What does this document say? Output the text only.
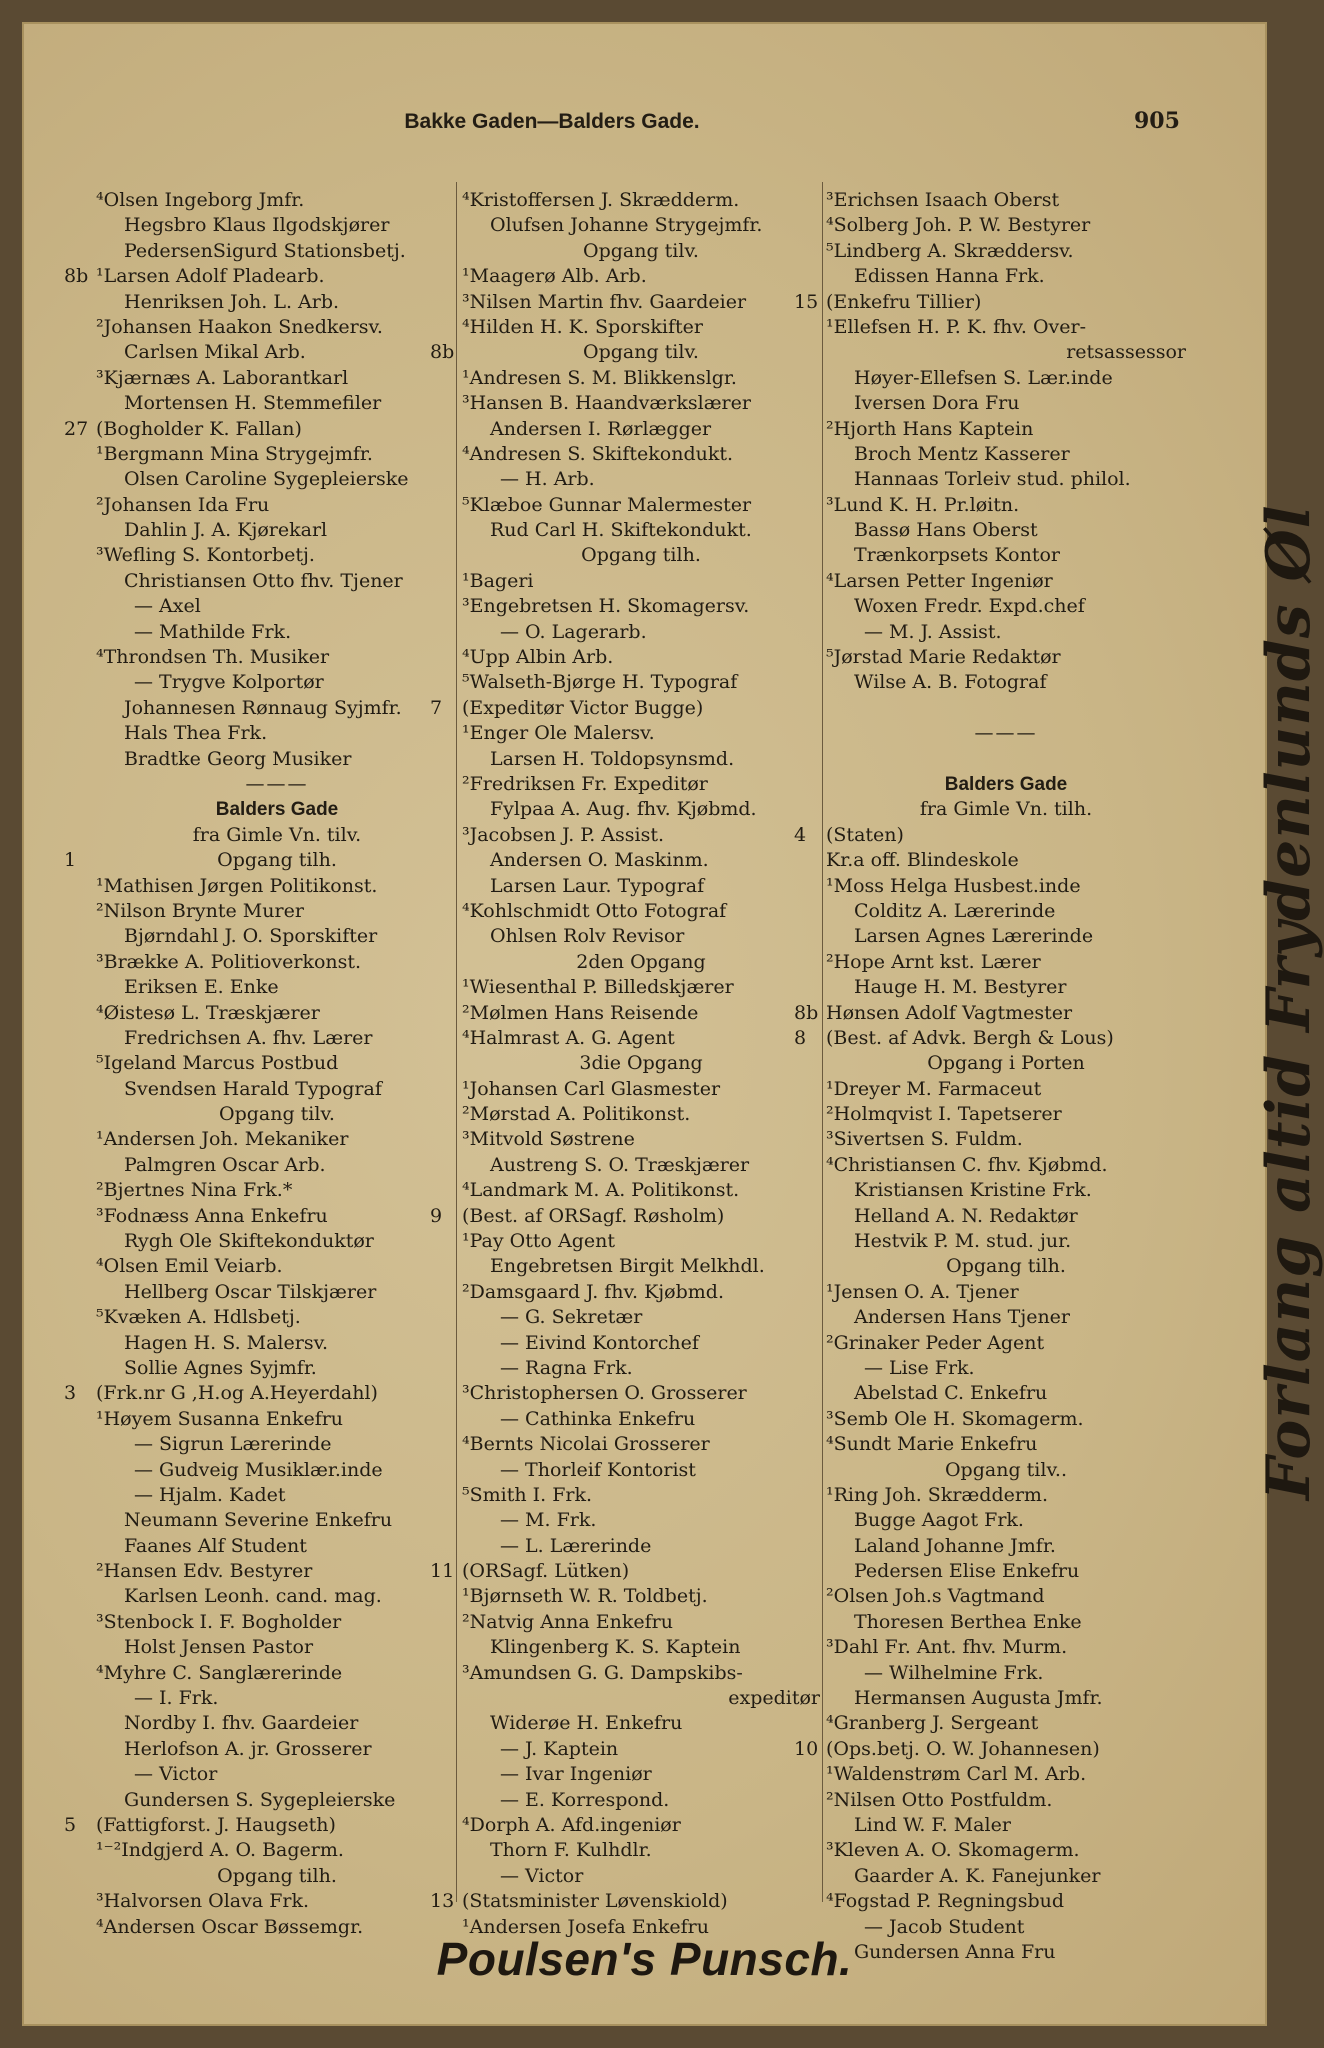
Bakke Gaden—Balders Gade.	905
⁴Olsen Ingeborg Jmfr.
Hegsbro Klaus Ilgodskjører
PedersenSigurd Stationsbetj.
8b ¹Larsen Adolf Pladearb.
Henriksen Joh. L. Arb.
²Johansen Haakon Snedkersv.
Carlsen Mikal Arb.
³Kjærnæs A. Laborantkarl
Mortensen H. Stemmefiler
27 (Bogholder K. Fallan)
¹Bergmann Mina Strygejmfr.
Olsen Caroline Sygepleierske
²Johansen Ida Fru
Dahlin J. A. Kjørekarl
³Wefling S. Kontorbetj.
Christiansen Otto fhv. Tjener
— Axel
— Mathilde Frk.
⁴Throndsen Th. Musiker
— Trygve Kolportør
Johannesen Rønnaug Syjmfr.
Hals Thea Frk.
Bradtke Georg Musiker
———
Balders Gade
fra Gimle Vn. tilv.
1	Opgang tilh.
¹Mathisen Jørgen Politikonst.
²Nilson Brynte Murer
Bjørndahl J. O. Sporskifter
³Brække A. Politioverkonst.
Eriksen E. Enke
⁴Øistesø L. Træskjærer
Fredrichsen A. fhv. Lærer
⁵Igeland Marcus Postbud
Svendsen Harald Typograf
Opgang tilv.
¹Andersen Joh. Mekaniker
Palmgren Oscar Arb.
²Bjertnes Nina Frk.*
³Fodnæss Anna Enkefru
Rygh Ole Skiftekonduktør
⁴Olsen Emil Veiarb.
Hellberg Oscar Tilskjærer
⁵Kvæken A. Hdlsbetj.
Hagen H. S. Malersv.
Sollie Agnes Syjmfr.
3	(Frk.nr G ,H.og A.Heyerdahl)
¹Høyem Susanna Enkefru
— Sigrun Lærerinde
— Gudveig Musiklær.inde
— Hjalm. Kadet
Neumann Severine Enkefru
Faanes Alf Student
²Hansen Edv. Bestyrer
Karlsen Leonh. cand. mag.
³Stenbock I. F. Bogholder
Holst Jensen Pastor
⁴Myhre C. Sanglærerinde
— I. Frk.
Nordby I. fhv. Gaardeier
Herlofson A. jr. Grosserer
— Victor
Gundersen S. Sygepleierske
5	(Fattigforst. J. Haugseth)
¹⁻²Indgjerd A. O. Bagerm.
Opgang tilh.
³Halvorsen Olava Frk.
⁴Andersen Oscar Bøssemgr.
⁴Kristoffersen J. Skrædderm.
Olufsen Johanne Strygejmfr.
Opgang tilv.
¹Maagerø Alb. Arb.
³Nilsen Martin fhv. Gaardeier
⁴Hilden H. K. Sporskifter
8b	Opgang tilv.
¹Andresen S. M. Blikkenslgr.
³Hansen B. Haandværkslærer
Andersen I. Rørlægger
⁴Andresen S. Skiftekondukt.
— H. Arb.
⁵Klæboe Gunnar Malermester
Rud Carl H. Skiftekondukt.
Opgang tilh.
¹Bageri
³Engebretsen H. Skomagersv.
— O. Lagerarb.
⁴Upp Albin Arb.
⁵Walseth-Bjørge H. Typograf
7	(Expeditør Victor Bugge)
¹Enger Ole Malersv.
Larsen H. Toldopsynsmd.
²Fredriksen Fr. Expeditør
Fylpaa A. Aug. fhv. Kjøbmd.
³Jacobsen J. P. Assist.
Andersen O. Maskinm.
Larsen Laur. Typograf
⁴Kohlschmidt Otto Fotograf
Ohlsen Rolv Revisor
2den Opgang
¹Wiesenthal P. Billedskjærer
²Mølmen Hans Reisende
⁴Halmrast A. G. Agent
3die Opgang
¹Johansen Carl Glasmester
²Mørstad A. Politikonst.
³Mitvold Søstrene
Austreng S. O. Træskjærer
⁴Landmark M. A. Politikonst.
9	(Best. af ORSagf. Røsholm)
¹Pay Otto Agent
Engebretsen Birgit Melkhdl.
²Damsgaard J. fhv. Kjøbmd.
— G. Sekretær
— Eivind Kontorchef
— Ragna Frk.
³Christophersen O. Grosserer
— Cathinka Enkefru
⁴Bernts Nicolai Grosserer
— Thorleif Kontorist
⁵Smith I. Frk.
— M. Frk.
— L. Lærerinde
11 (ORSagf. Lütken)
¹Bjørnseth W. R. Toldbetj.
²Natvig Anna Enkefru
Klingenberg K. S. Kaptein
³Amundsen G. G. Dampskibs-
expeditør
Widerøe H. Enkefru
— J. Kaptein
— Ivar Ingeniør
— E. Korrespond.
⁴Dorph A. Afd.ingeniør
Thorn F. Kulhdlr.
— Victor
13 (Statsminister Løvenskiold)
¹Andersen Josefa Enkefru
³Erichsen Isaach Oberst
⁴Solberg Joh. P. W. Bestyrer
⁵Lindberg A. Skræddersv.
Edissen Hanna Frk.
15 (Enkefru Tillier)
¹Ellefsen H. P. K. fhv. Over-
retsassessor
Høyer-Ellefsen S. Lær.inde
Iversen Dora Fru
²Hjorth Hans Kaptein
Broch Mentz Kasserer
Hannaas Torleiv stud. philol.
³Lund K. H. Pr.løitn.
Bassø Hans Oberst
Trænkorpsets Kontor
⁴Larsen Petter Ingeniør
Woxen Fredr. Expd.chef
— M. J. Assist.
⁵Jørstad Marie Redaktør
Wilse A. B. Fotograf
———
Balders Gade
fra Gimle Vn. tilh.
4	(Staten)
Kr.a off. Blindeskole
¹Moss Helga Husbest.inde
Colditz A. Lærerinde
Larsen Agnes Lærerinde
²Hope Arnt kst. Lærer
Hauge H. M. Bestyrer
8b Hønsen Adolf Vagtmester
8	(Best. af Advk. Bergh & Lous)
Opgang i Porten
¹Dreyer M. Farmaceut
²Holmqvist I. Tapetserer
³Sivertsen S. Fuldm.
⁴Christiansen C. fhv. Kjøbmd.
Kristiansen Kristine Frk.
Helland A. N. Redaktør
Hestvik P. M. stud. jur.
Opgang tilh.
¹Jensen O. A. Tjener
Andersen Hans Tjener
²Grinaker Peder Agent
— Lise Frk.
Abelstad C. Enkefru
³Semb Ole H. Skomagerm.
⁴Sundt Marie Enkefru
Opgang tilv..
¹Ring Joh. Skrædderm.
Bugge Aagot Frk.
Laland Johanne Jmfr.
Pedersen Elise Enkefru
²Olsen Joh.s Vagtmand
Thoresen Berthea Enke
³Dahl Fr. Ant. fhv. Murm.
— Wilhelmine Frk.
Hermansen Augusta Jmfr.
⁴Granberg J. Sergeant
10 (Ops.betj. O. W. Johannesen)
¹Waldenstrøm Carl M. Arb.
²Nilsen Otto Postfuldm.
Lind W. F. Maler
³Kleven A. O. Skomagerm.
Gaarder A. K. Fanejunker
⁴Fogstad P. Regningsbud
— Jacob Student
Gundersen Anna Fru
Forlang altid Frydenlunds Øl
Poulsen's Punsch.
